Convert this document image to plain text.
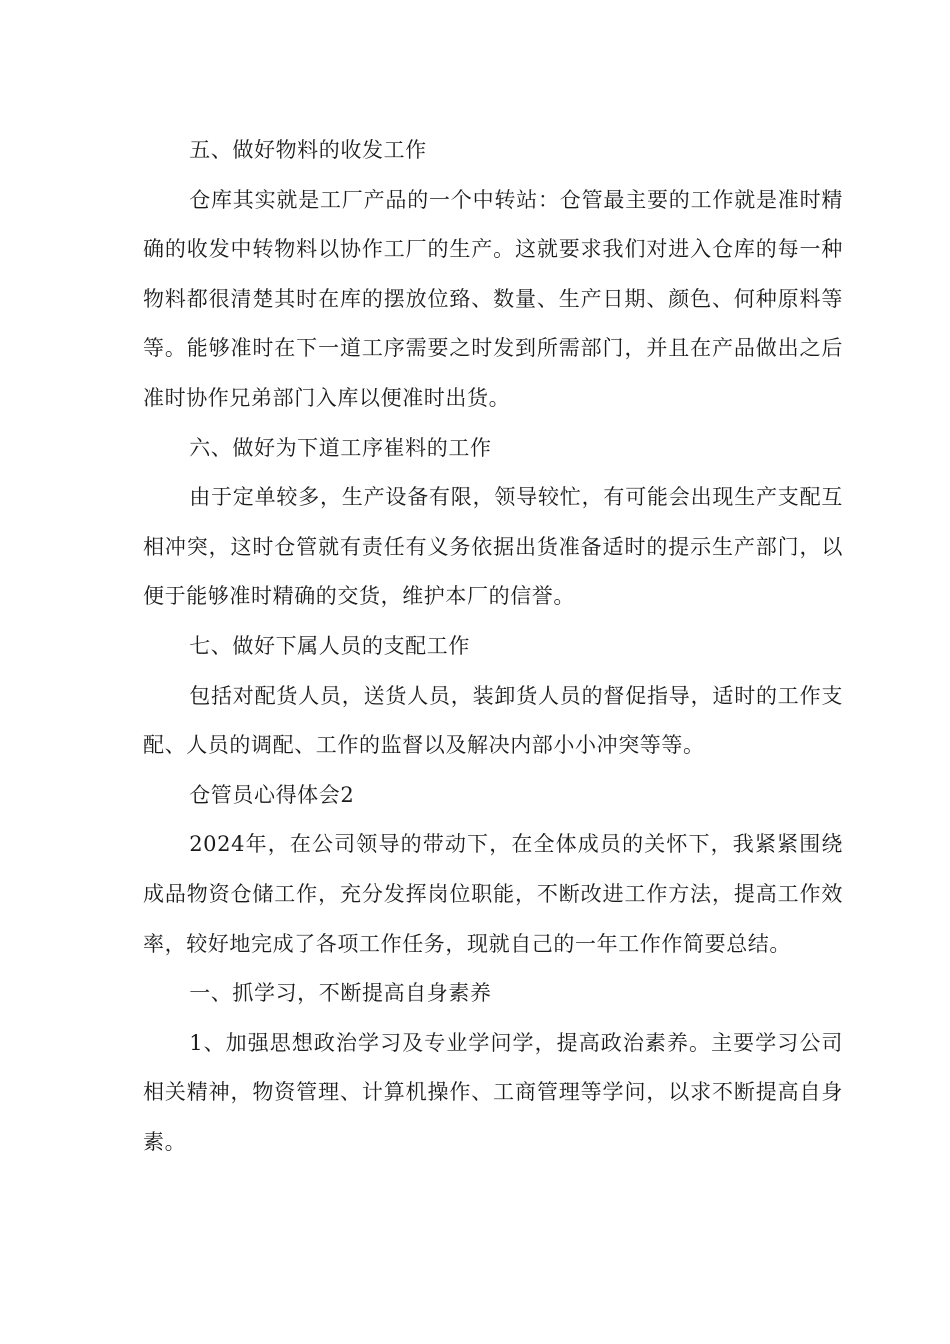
五、做好物料的收发工作

仓库其实就是工厂产品的一个中转站：仓管最主要的工作就是准时精确的收发中转物料以协作工厂的生产。这就要求我们对进入仓库的每一种物料都很清楚其时在库的摆放位臵、数量、生产日期、颜色、何种原料等等。能够准时在下一道工序需要之时发到所需部门，并且在产品做出之后准时协作兄弟部门入库以便准时出货。

六、做好为下道工序崔料的工作

由于定单较多，生产设备有限，领导较忙，有可能会出现生产支配互相冲突，这时仓管就有责任有义务依据出货准备适时的提示生产部门，以便于能够准时精确的交货，维护本厂的信誉。

七、做好下属人员的支配工作

包括对配货人员，送货人员，装卸货人员的督促指导，适时的工作支配、人员的调配、工作的监督以及解决内部小小冲突等等。

仓管员心得体会2

2024年，在公司领导的带动下，在全体成员的关怀下，我紧紧围绕成品物资仓储工作，充分发挥岗位职能，不断改进工作方法，提高工作效率，较好地完成了各项工作任务，现就自己的一年工作作简要总结。

一、抓学习，不断提高自身素养

1、加强思想政治学习及专业学问学，提高政治素养。主要学习公司相关精神，物资管理、计算机操作、工商管理等学问，以求不断提高自身素。
